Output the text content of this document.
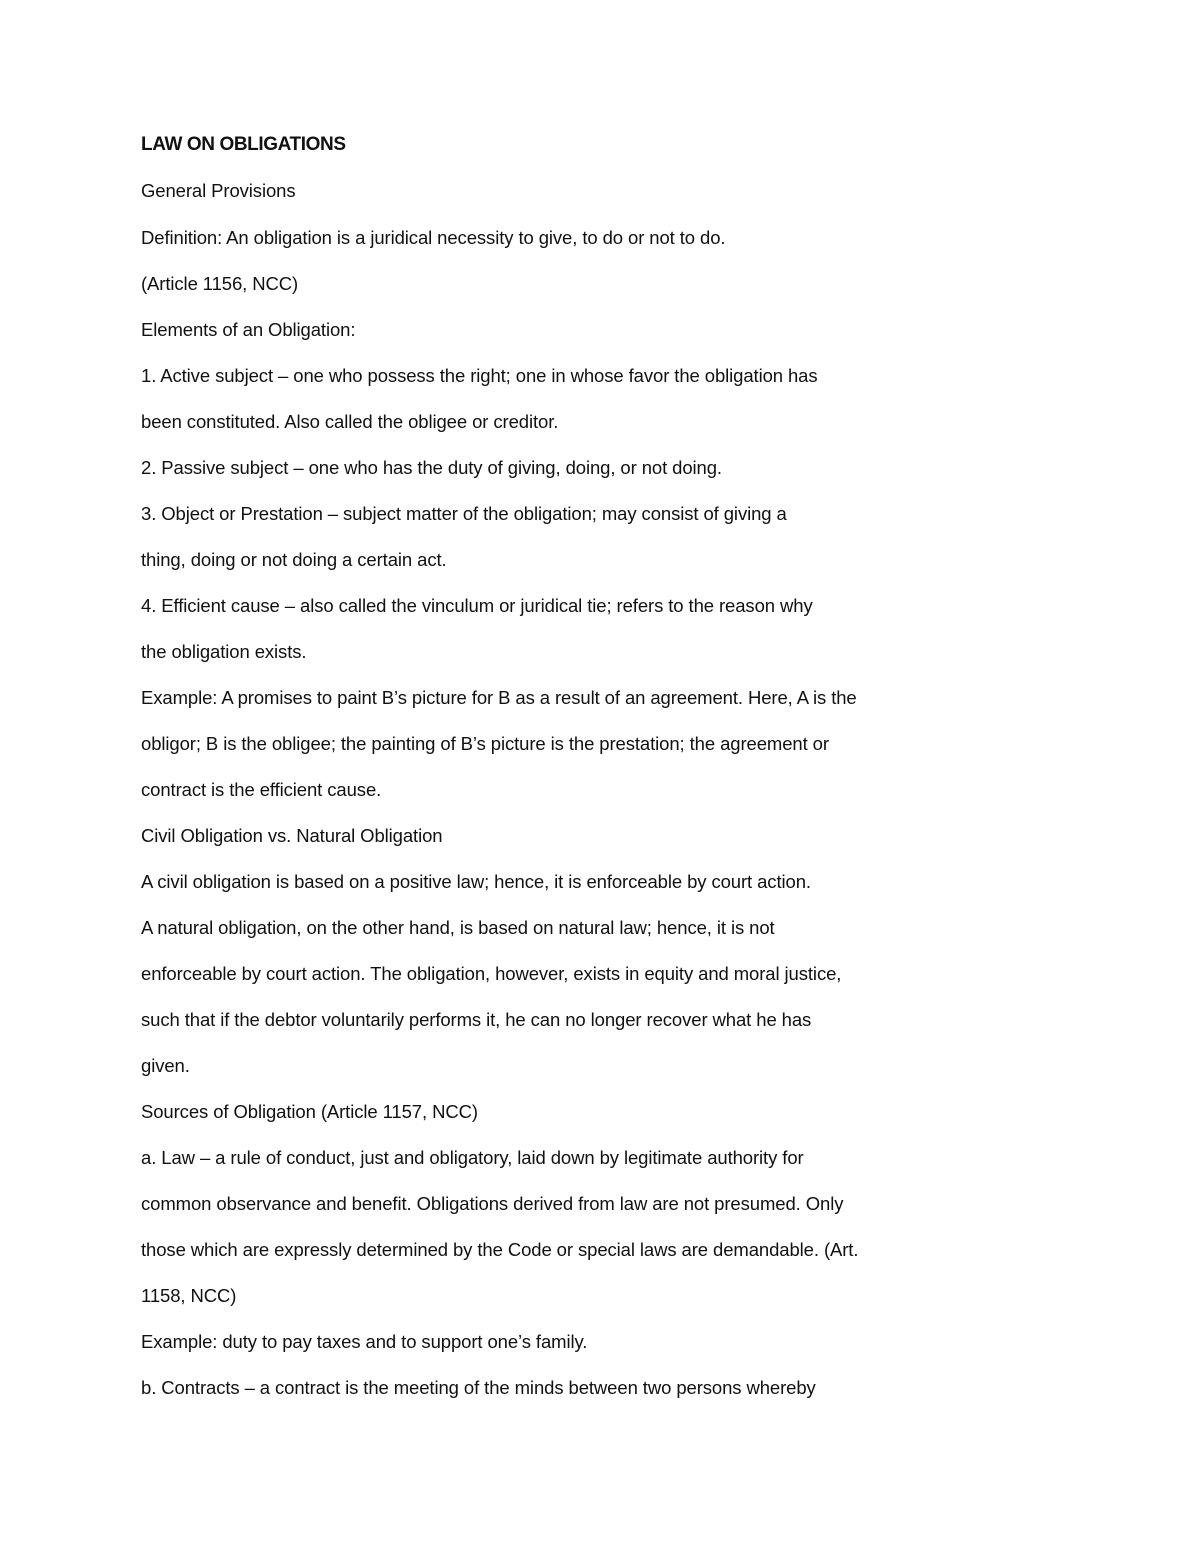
LAW ON OBLIGATIONS
General Provisions
Definition: An obligation is a juridical necessity to give, to do or not to do.
(Article 1156, NCC)
Elements of an Obligation:
1. Active subject – one who possess the right; one in whose favor the obligation has
been constituted. Also called the obligee or creditor.
2. Passive subject – one who has the duty of giving, doing, or not doing.
3. Object or Prestation – subject matter of the obligation; may consist of giving a
thing, doing or not doing a certain act.
4. Efficient cause – also called the vinculum or juridical tie; refers to the reason why
the obligation exists.
Example: A promises to paint B’s picture for B as a result of an agreement. Here, A is the
obligor; B is the obligee; the painting of B’s picture is the prestation; the agreement or
contract is the efficient cause.
Civil Obligation vs. Natural Obligation
A civil obligation is based on a positive law; hence, it is enforceable by court action.
A natural obligation, on the other hand, is based on natural law; hence, it is not
enforceable by court action. The obligation, however, exists in equity and moral justice,
such that if the debtor voluntarily performs it, he can no longer recover what he has
given.
Sources of Obligation (Article 1157, NCC)
a. Law – a rule of conduct, just and obligatory, laid down by legitimate authority for
common observance and benefit. Obligations derived from law are not presumed. Only
those which are expressly determined by the Code or special laws are demandable. (Art.
1158, NCC)
Example: duty to pay taxes and to support one’s family.
b. Contracts – a contract is the meeting of the minds between two persons whereby
